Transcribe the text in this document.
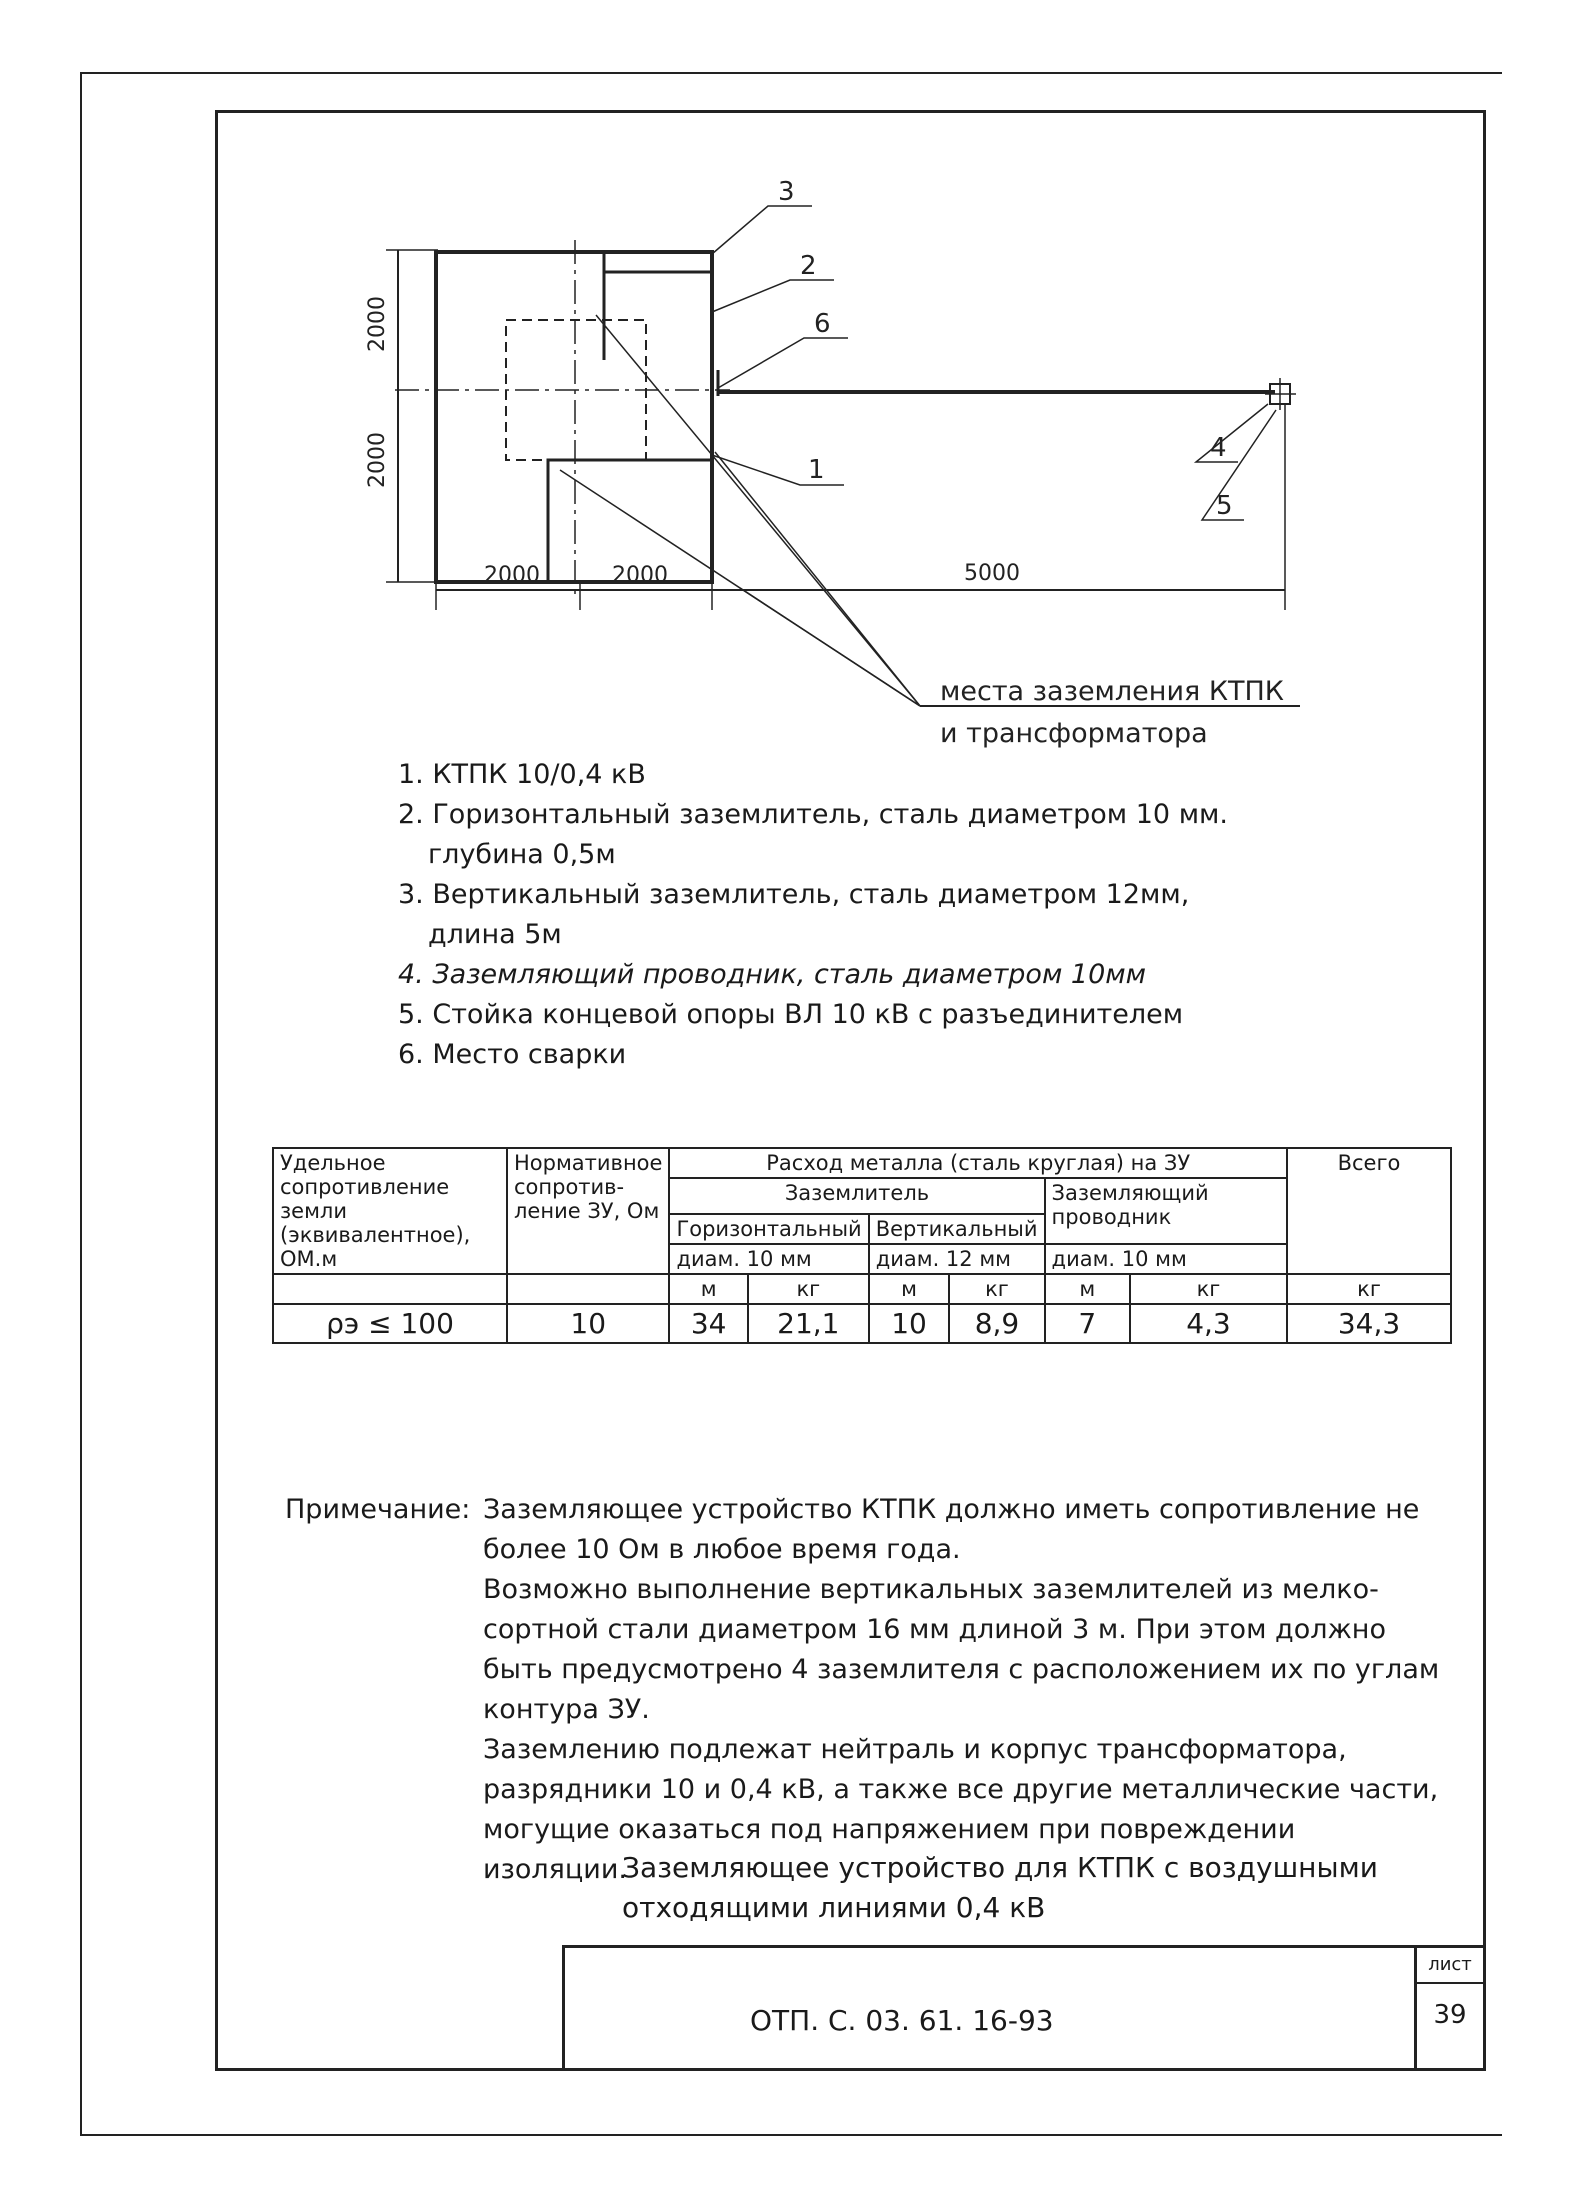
3
2
6
1
4
5
2000	2000	5000
2000
2000
места заземления КТПК
и трансформатора
1. КТПК 10/0,4 кВ
2. Горизонтальный заземлитель, сталь диаметром 10 мм.
глубина 0,5м
3. Вертикальный заземлитель, сталь диаметром 12мм,
длина 5м
4. Заземляющий проводник, сталь диаметром 10мм
5. Стойка концевой опоры ВЛ 10 кВ с разъединителем
6. Место сварки
Удельное сопротивление земли (эквивалентное), ОМ.м	Нормативное сопротив- ление ЗУ, Ом	Расход металла (сталь круглая) на ЗУ						Всего
		Заземлитель				Заземляющий проводник		
		Горизонтальный		Вертикальный				
		диам. 10 мм		диам. 12 мм		диам. 10 мм		
		м	кг	м	кг	м	кг	кг
ρэ ≤ 100	10	34	21,1	10	8,9	7	4,3	34,3
Примечание: Заземляющее устройство КТПК должно иметь сопротивление не более 10 Ом в любое время года.

Возможно выполнение вертикальных заземлителей из мелко-сортной стали диаметром 16 мм длиной 3 м. При этом должно быть предусмотрено 4 заземлителя с расположением их по углам контура ЗУ.

Заземлению подлежат нейтраль и корпус трансформатора, разрядники 10 и 0,4 кВ, а также все другие металлические части, могущие оказаться под напряжением при повреждении изоляции.

Заземляющее устройство для КТПК с воздушными
отходящими линиями 0,4 кВ
ОТП. С. 03. 61. 16-93
лист
39
